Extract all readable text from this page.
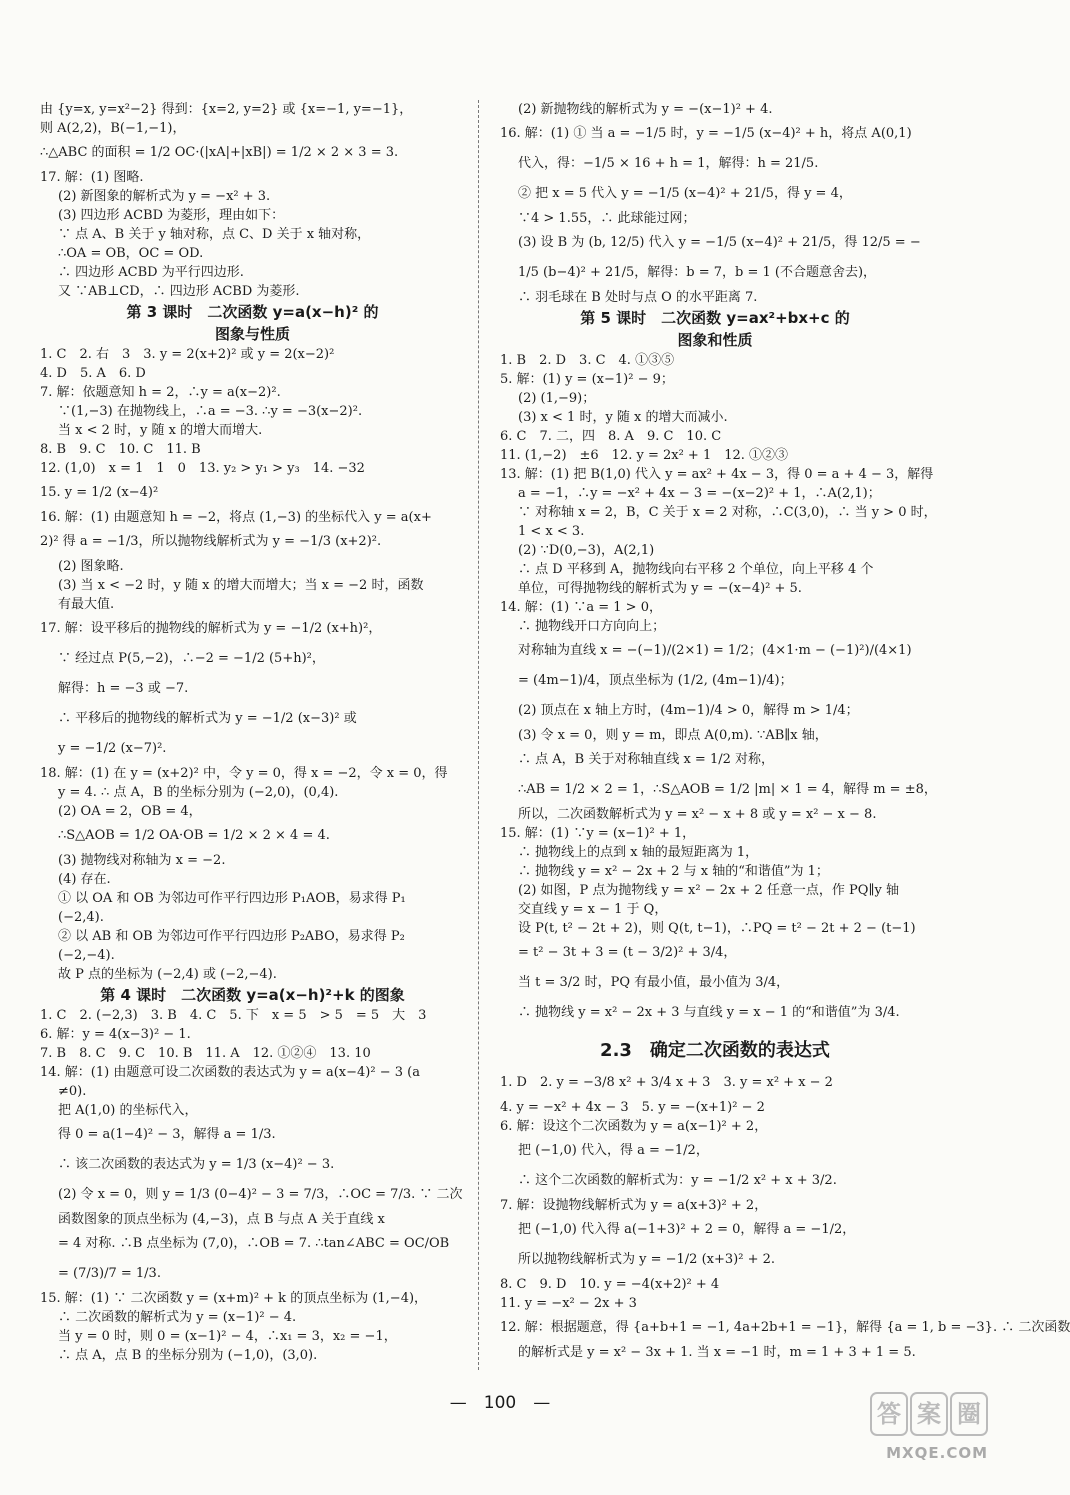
由 {y=x, y=x²−2} 得到：{x=2, y=2} 或 {x=−1, y=−1}，
则 A(2,2)，B(−1,−1)，
∴△ABC 的面积 = 1/2 OC·(|xA|+|xB|) = 1/2 × 2 × 3 = 3.
17. 解：(1) 图略.
(2) 新图象的解析式为 y = −x² + 3.
(3) 四边形 ACBD 为菱形，理由如下：
∵ 点 A、B 关于 y 轴对称，点 C、D 关于 x 轴对称，
∴OA = OB，OC = OD.
∴ 四边形 ACBD 为平行四边形.
又 ∵AB⊥CD，∴ 四边形 ACBD 为菱形.
第 3 课时　二次函数 y=a(x−h)² 的
图象与性质
1. C　2. 右　3　3. y = 2(x+2)² 或 y = 2(x−2)²
4. D　5. A　6. D
7. 解：依题意知 h = 2，∴y = a(x−2)².
∵(1,−3) 在抛物线上，∴a = −3. ∴y = −3(x−2)².
当 x < 2 时，y 随 x 的增大而增大.
8. B　9. C　10. C　11. B
12. (1,0)　x = 1　1　0　13. y₂ > y₁ > y₃　14. −32
15. y = 1/2 (x−4)²
16. 解：(1) 由题意知 h = −2，将点 (1,−3) 的坐标代入 y = a(x+
2)² 得 a = −1/3，所以抛物线解析式为 y = −1/3 (x+2)².
(2) 图象略.
(3) 当 x < −2 时，y 随 x 的增大而增大；当 x = −2 时，函数
有最大值.
17. 解：设平移后的抛物线的解析式为 y = −1/2 (x+h)²，
∵ 经过点 P(5,−2)，∴−2 = −1/2 (5+h)²，
解得：h = −3 或 −7.
∴ 平移后的抛物线的解析式为 y = −1/2 (x−3)² 或
y = −1/2 (x−7)².
18. 解：(1) 在 y = (x+2)² 中，令 y = 0，得 x = −2，令 x = 0，得
y = 4. ∴ 点 A，B 的坐标分别为 (−2,0)，(0,4).
(2) OA = 2，OB = 4，
∴S△AOB = 1/2 OA·OB = 1/2 × 2 × 4 = 4.
(3) 抛物线对称轴为 x = −2.
(4) 存在.
① 以 OA 和 OB 为邻边可作平行四边形 P₁AOB，易求得 P₁
(−2,4).
② 以 AB 和 OB 为邻边可作平行四边形 P₂ABO，易求得 P₂
(−2,−4).
故 P 点的坐标为 (−2,4) 或 (−2,−4).
第 4 课时　二次函数 y=a(x−h)²+k 的图象
1. C　2. (−2,3)　3. B　4. C　5. 下　x = 5　> 5　= 5　大　3
6. 解：y = 4(x−3)² − 1.
7. B　8. C　9. C　10. B　11. A　12. ①②④　13. 10
14. 解：(1) 由题意可设二次函数的表达式为 y = a(x−4)² − 3 (a
≠0).
把 A(1,0) 的坐标代入，
得 0 = a(1−4)² − 3，解得 a = 1/3.
∴ 该二次函数的表达式为 y = 1/3 (x−4)² − 3.
(2) 令 x = 0，则 y = 1/3 (0−4)² − 3 = 7/3，∴OC = 7/3. ∵ 二次
函数图象的顶点坐标为 (4,−3)，点 B 与点 A 关于直线 x
= 4 对称. ∴B 点坐标为 (7,0)，∴OB = 7. ∴tan∠ABC = OC/OB
= (7/3)/7 = 1/3.
15. 解：(1) ∵ 二次函数 y = (x+m)² + k 的顶点坐标为 (1,−4)，
∴ 二次函数的解析式为 y = (x−1)² − 4.
当 y = 0 时，则 0 = (x−1)² − 4，∴x₁ = 3，x₂ = −1，
∴ 点 A，点 B 的坐标分别为 (−1,0)，(3,0).
(2) 新抛物线的解析式为 y = −(x−1)² + 4.
16. 解：(1) ① 当 a = −1/5 时，y = −1/5 (x−4)² + h，将点 A(0,1)
代入，得：−1/5 × 16 + h = 1，解得：h = 21/5.
② 把 x = 5 代入 y = −1/5 (x−4)² + 21/5，得 y = 4，
∵4 > 1.55，∴ 此球能过网；
(3) 设 B 为 (b, 12/5) 代入 y = −1/5 (x−4)² + 21/5，得 12/5 = −
1/5 (b−4)² + 21/5，解得：b = 7，b = 1 (不合题意舍去)，
∴ 羽毛球在 B 处时与点 O 的水平距离 7.
第 5 课时　二次函数 y=ax²+bx+c 的
图象和性质
1. B　2. D　3. C　4. ①③⑤
5. 解：(1) y = (x−1)² − 9；
(2) (1,−9)；
(3) x < 1 时，y 随 x 的增大而减小.
6. C　7. 二，四　8. A　9. C　10. C
11. (1,−2)　±6　12. y = 2x² + 1　12. ①②③
13. 解：(1) 把 B(1,0) 代入 y = ax² + 4x − 3，得 0 = a + 4 − 3，解得
a = −1，∴y = −x² + 4x − 3 = −(x−2)² + 1，∴A(2,1)；
∵ 对称轴 x = 2，B，C 关于 x = 2 对称，∴C(3,0)，∴ 当 y > 0 时，
1 < x < 3.
(2) ∵D(0,−3)，A(2,1)
∴ 点 D 平移到 A，抛物线向右平移 2 个单位，向上平移 4 个
单位，可得抛物线的解析式为 y = −(x−4)² + 5.
14. 解：(1) ∵a = 1 > 0，
∴ 抛物线开口方向向上；
对称轴为直线 x = −(−1)/(2×1) = 1/2；(4×1·m − (−1)²)/(4×1)
= (4m−1)/4，顶点坐标为 (1/2, (4m−1)/4)；
(2) 顶点在 x 轴上方时，(4m−1)/4 > 0，解得 m > 1/4；
(3) 令 x = 0，则 y = m，即点 A(0,m). ∵AB∥x 轴，
∴ 点 A，B 关于对称轴直线 x = 1/2 对称，
∴AB = 1/2 × 2 = 1，∴S△AOB = 1/2 |m| × 1 = 4，解得 m = ±8，
所以，二次函数解析式为 y = x² − x + 8 或 y = x² − x − 8.
15. 解：(1) ∵y = (x−1)² + 1，
∴ 抛物线上的点到 x 轴的最短距离为 1，
∴ 抛物线 y = x² − 2x + 2 与 x 轴的“和谐值”为 1；
(2) 如图，P 点为抛物线 y = x² − 2x + 2 任意一点，作 PQ∥y 轴
交直线 y = x − 1 于 Q，
设 P(t, t² − 2t + 2)，则 Q(t, t−1)，∴PQ = t² − 2t + 2 − (t−1)
= t² − 3t + 3 = (t − 3/2)² + 3/4，
当 t = 3/2 时，PQ 有最小值，最小值为 3/4，
∴ 抛物线 y = x² − 2x + 3 与直线 y = x − 1 的“和谐值”为 3/4.
2.3　确定二次函数的表达式
1. D　2. y = −3/8 x² + 3/4 x + 3　3. y = x² + x − 2
4. y = −x² + 4x − 3　5. y = −(x+1)² − 2
6. 解：设这个二次函数为 y = a(x−1)² + 2，
把 (−1,0) 代入，得 a = −1/2，
∴ 这个二次函数的解析式为：y = −1/2 x² + x + 3/2.
7. 解：设抛物线解析式为 y = a(x+3)² + 2，
把 (−1,0) 代入得 a(−1+3)² + 2 = 0，解得 a = −1/2，
所以抛物线解析式为 y = −1/2 (x+3)² + 2.
8. C　9. D　10. y = −4(x+2)² + 4
11. y = −x² − 2x + 3
12. 解：根据题意，得 {a+b+1 = −1, 4a+2b+1 = −1}，解得 {a = 1, b = −3}. ∴ 二次函数
的解析式是 y = x² − 3x + 1. 当 x = −1 时，m = 1 + 3 + 1 = 5.
—　100　—	答 案 圈
MXQE.COM
